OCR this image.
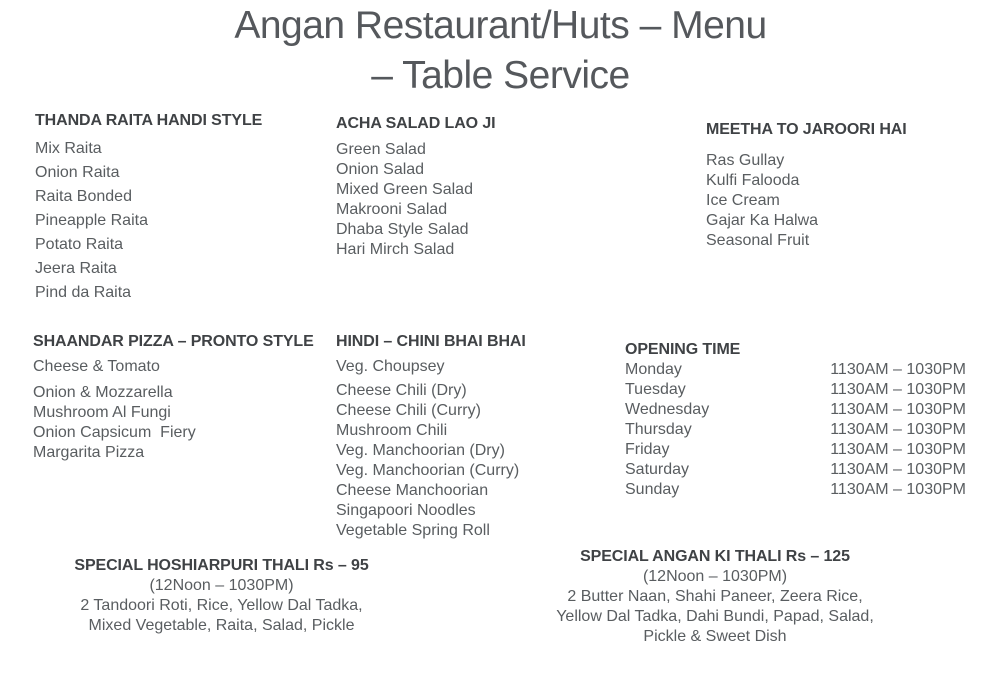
Angan Restaurant/Huts – Menu
– Table Service
THANDA RAITA HANDI STYLE
Mix Raita
Onion Raita
Raita Bonded
Pineapple Raita
Potato Raita
Jeera Raita
Pind da Raita
ACHA SALAD LAO JI
Green Salad
Onion Salad
Mixed Green Salad
Makrooni Salad
Dhaba Style Salad
Hari Mirch Salad
MEETHA TO JAROORI HAI
Ras Gullay
Kulfi Falooda
Ice Cream
Gajar Ka Halwa
Seasonal Fruit
SHAANDAR PIZZA – PRONTO STYLE
Cheese & Tomato
Onion & Mozzarella
Mushroom Al Fungi
Onion Capsicum  Fiery
Margarita Pizza
HINDI – CHINI BHAI BHAI
Veg. Choupsey
Cheese Chili (Dry)
Cheese Chili (Curry)
Mushroom Chili
Veg. Manchoorian (Dry)
Veg. Manchoorian (Curry)
Cheese Manchoorian
Singapoori Noodles
Vegetable Spring Roll
OPENING TIME
Monday	1130AM – 1030PM
Tuesday	1130AM – 1030PM
Wednesday	1130AM – 1030PM
Thursday	1130AM – 1030PM
Friday	1130AM – 1030PM
Saturday	1130AM – 1030PM
Sunday	1130AM – 1030PM
SPECIAL HOSHIARPURI THALI Rs – 95
(12Noon – 1030PM)
2 Tandoori Roti, Rice, Yellow Dal Tadka,
Mixed Vegetable, Raita, Salad, Pickle
SPECIAL ANGAN KI THALI Rs – 125
(12Noon – 1030PM)
2 Butter Naan, Shahi Paneer, Zeera Rice,
Yellow Dal Tadka, Dahi Bundi, Papad, Salad,
Pickle & Sweet Dish
